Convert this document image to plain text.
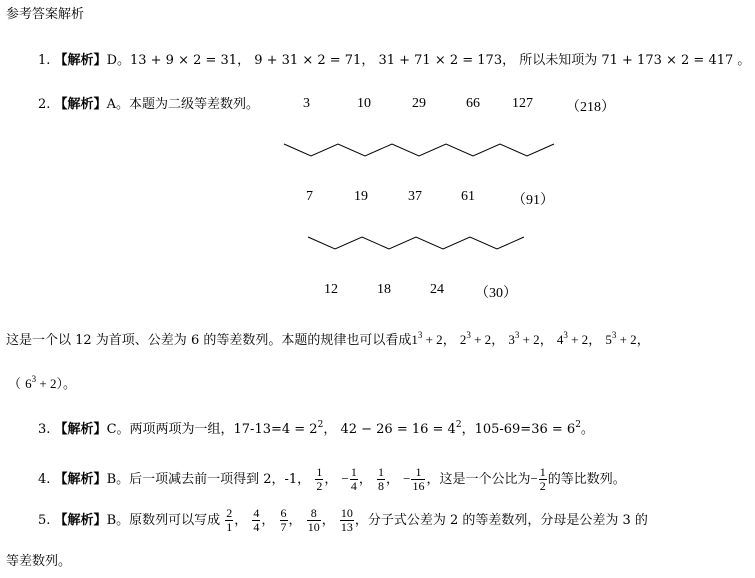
参考答案解析
1. 【解析】D。13 + 9 × 2 = 31， 9 + 31 × 2 = 71， 31 + 71 × 2 = 173， 所以未知项为 71 + 173 × 2 = 417 。
2. 【解析】A。本题为二级等差数列。	3	10	29	66 127 （218）
7	19	37	61	（91）
12	18	24 （30）
这是一个以 12 为首项、公差为 6 的等差数列。本题的规律也可以看成$1^3 + 2$， $2^3 + 2$， $3^3 + 2$， $4^3 + 2$， $5^3 + 2$，
（ $6^3 + 2$）。
3. 【解析】C。两项两项为一组，$17-13=4 = 2^2$， $42 - 26 = 16 = 4^2$，$105-69=36 = 6^2$。
4. 【解析】B。后一项减去前一项得到 2，-1， $\frac{1}{2}$ ， − $\frac{1}{4}$ ， $\frac{1}{8}$ ， − $\frac{1}{16}$ ，这是一个公比为− $\frac{1}{2}$ 的等比数列。
5. 【解析】B。原数列可以写成 $\frac{2}{1}$ ， $\frac{4}{4}$ ， $\frac{6}{7}$ ， $\frac{8}{10}$ ， $\frac{10}{13}$ ，分子式公差为 2 的等差数列，分母是公差为 3 的
等差数列。
